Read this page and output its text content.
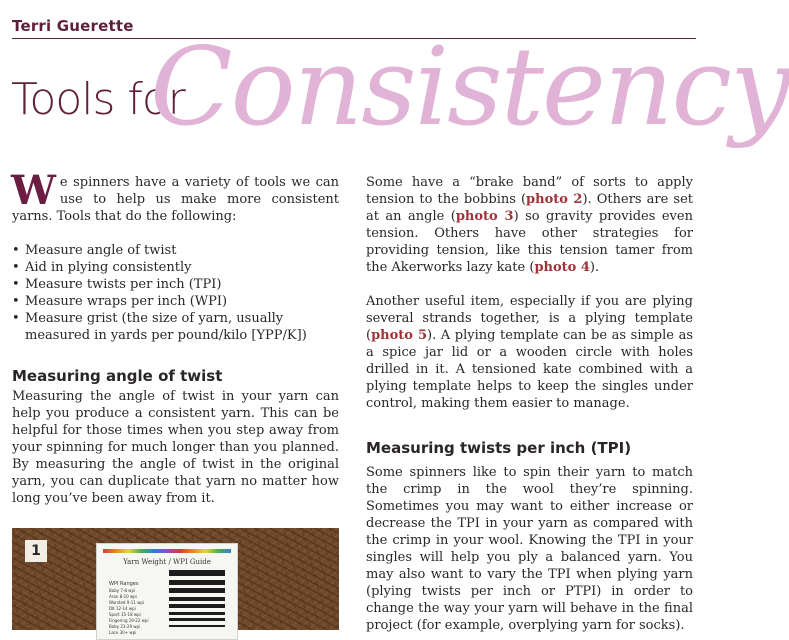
Terri Guerette Consistency
Tools for

We spinners have a variety of tools we can use to help us make more consistent yarns. Tools that do the following:

• Measure angle of twist
• Aid in plying consistently
• Measure twists per inch (TPI)
• Measure wraps per inch (WPI)
• Measure grist (the size of yarn, usually measured in yards per pound/kilo [YPP/K])
Measuring angle of twist

Measuring the angle of twist in your yarn can help you produce a consistent yarn. This can be helpful for those times when you step away from your spinning for much longer than you planned. By measuring the angle of twist in the original yarn, you can duplicate that yarn no matter how long you’ve been away from it.

Yarn Weight / WPI Guide
WPI Ranges
Baby 7-8 wpi
Aran 8-10 wpi
Worsted 9-11 wpi
DK 12-14 wpi
Sport 15-18 wpi
Fingering 19-22 wpi
Baby 23-29 wpi
Lace 30+ wpi
1

Some have a “brake band” of sorts to apply tension to the bobbins (photo 2). Others are set at an angle (photo 3) so gravity provides even tension. Others have other strategies for providing tension, like this tension tamer from the Akerworks lazy kate (photo 4).

Another useful item, especially if you are plying several strands together, is a plying template (photo 5). A plying template can be as simple as a spice jar lid or a wooden circle with holes drilled in it. A tensioned kate combined with a plying template helps to keep the singles under control, making them easier to manage.

Measuring twists per inch (TPI)

Some spinners like to spin their yarn to match the crimp in the wool they’re spinning. Sometimes you may want to either increase or decrease the TPI in your yarn as compared with the crimp in your wool. Knowing the TPI in your singles will help you ply a balanced yarn. You may also want to vary the TPI when plying yarn (plying twists per inch or PTPI) in order to change the way your yarn will behave in the final project (for example, overplying yarn for socks).
